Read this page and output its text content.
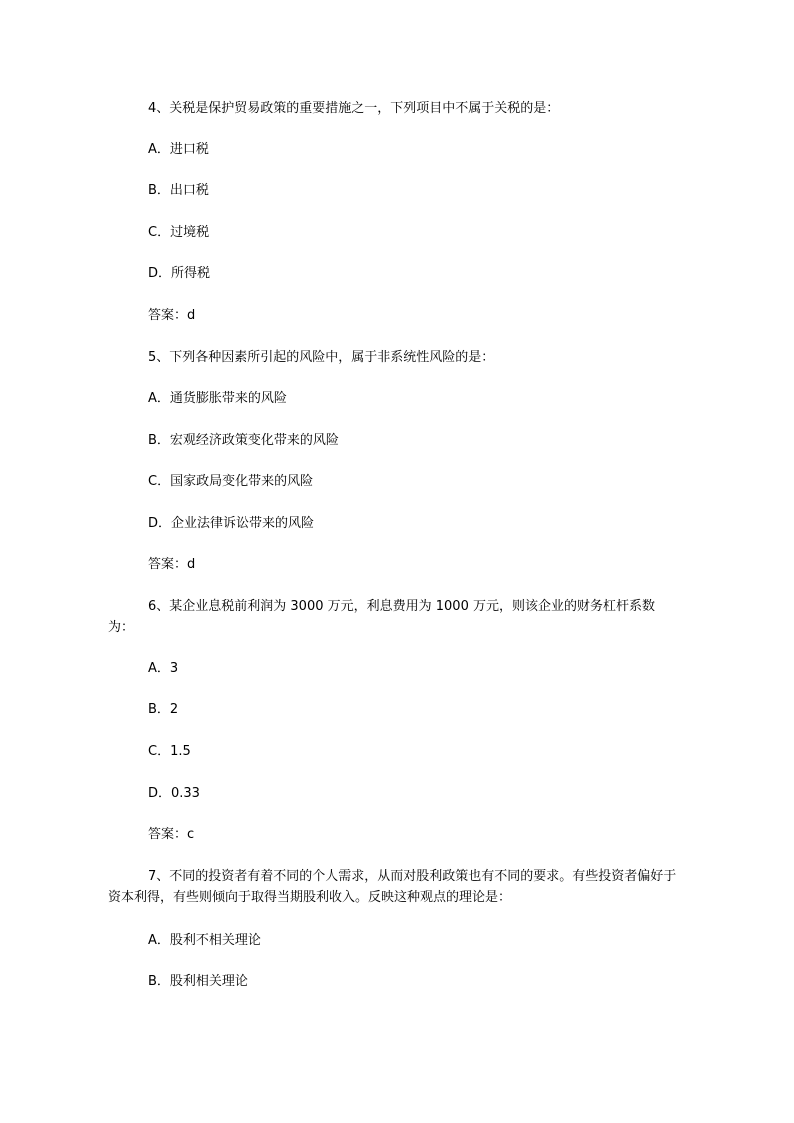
4、关税是保护贸易政策的重要措施之一，下列项目中不属于关税的是：
A．进口税
B．出口税
C．过境税
D．所得税
答案：d
5、下列各种因素所引起的风险中，属于非系统性风险的是：
A．通货膨胀带来的风险
B．宏观经济政策变化带来的风险
C．国家政局变化带来的风险
D．企业法律诉讼带来的风险
答案：d
6、某企业息税前利润为 3000 万元，利息费用为 1000 万元，则该企业的财务杠杆系数为：
A．3
B．2
C．1.5
D．0.33
答案：c
7、不同的投资者有着不同的个人需求，从而对股利政策也有不同的要求。有些投资者偏好于资本利得，有些则倾向于取得当期股利收入。反映这种观点的理论是：
A．股利不相关理论
B．股利相关理论
